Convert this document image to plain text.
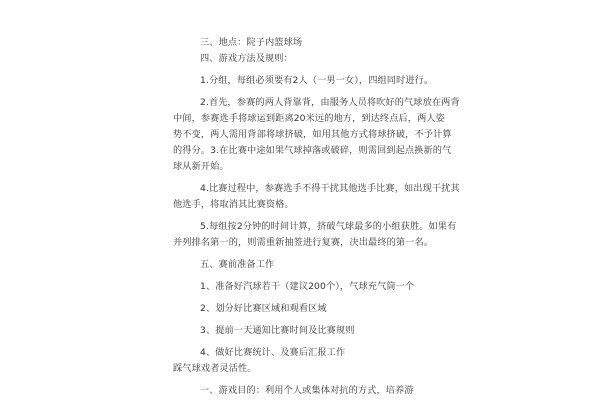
三、地点：院子内篮球场
四、游戏方法及规则：
1.分组，每组必须要有2人（一男一女），四组同时进行。
2.首先，参赛的两人背靠背，由服务人员将吹好的气球放在两背
中间，参赛选手将球运到距离20米远的地方，到达终点后，两人姿
势不变，两人需用背部将球挤破，如用其他方式将球挤破，不予计算
的得分。3.在比赛中途如果气球掉落或破碎，则需回到起点换新的气
球从新开始。
4.比赛过程中，参赛选手不得干扰其他选手比赛，如出现干扰其
他选手，将取消其比赛资格。
5.每组按2分钟的时间计算，挤破气球最多的小组获胜。如果有
并列排名第一的，则需重新抽签进行复赛，决出最终的第一名。
五、赛前准备工作
1、准备好汽球若干（建议200个），气球充气筒一个
2、划分好比赛区域和观看区域
3、提前一天通知比赛时间及比赛规则
4、做好比赛统计、及赛后汇报工作
踩气球戏者灵活性。
一、游戏目的：利用个人或集体对抗的方式，培养游
